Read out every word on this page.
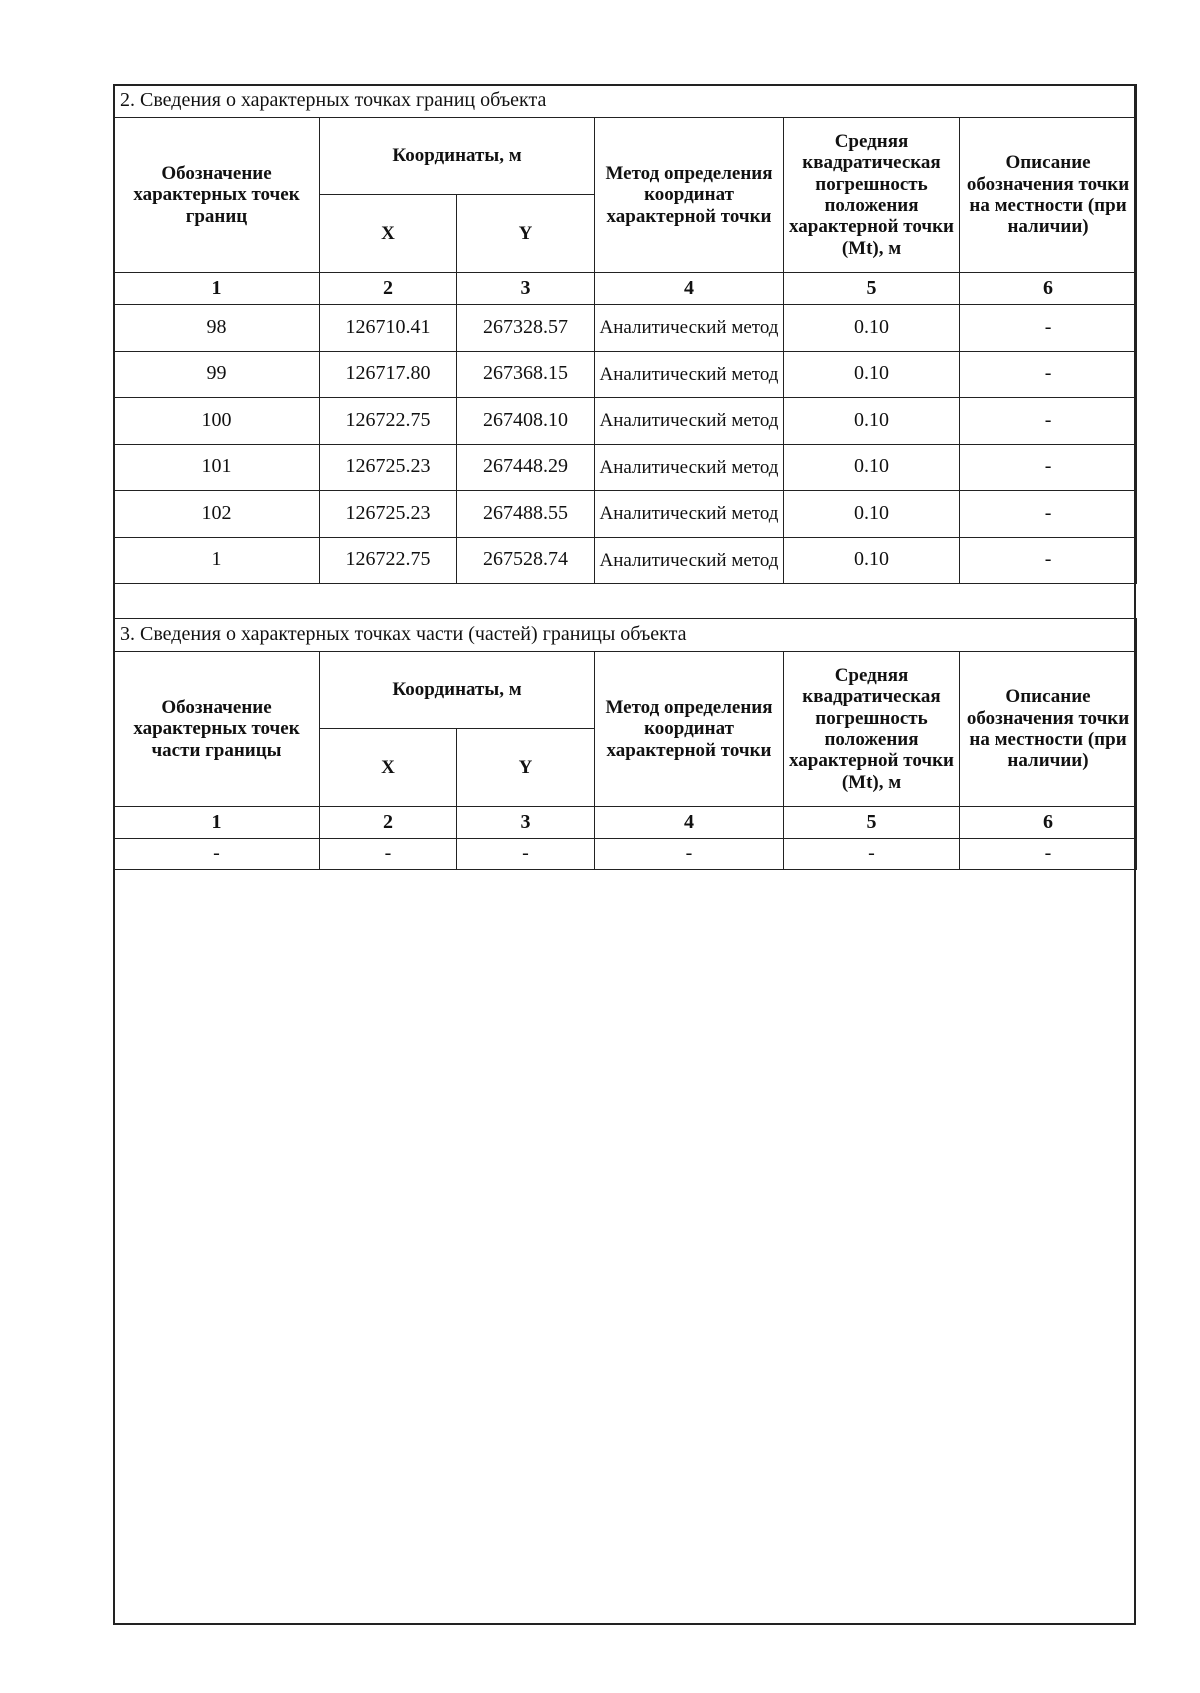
2. Сведения о характерных точках границ объекта					
Обозначение характерных точек границ	Координаты, м		Метод определения координат характерной точки	Средняя квадратическая погрешность положения характерной точки (Mt), м	Описание обозначения точки на местности (при наличии)
	X	Y			
1	2	3	4	5	6
98	126710.41	267328.57	Аналитический метод	0.10	-
99	126717.80	267368.15	Аналитический метод	0.10	-
100	126722.75	267408.10	Аналитический метод	0.10	-
101	126725.23	267448.29	Аналитический метод	0.10	-
102	126725.23	267488.55	Аналитический метод	0.10	-
1	126722.75	267528.74	Аналитический метод	0.10	-
3. Сведения о характерных точках части (частей) границы объекта					
Обозначение характерных точек части границы	Координаты, м		Метод определения координат характерной точки	Средняя квадратическая погрешность положения характерной точки (Mt), м	Описание обозначения точки на местности (при наличии)
	X	Y			
1	2	3	4	5	6
-	-	-	-	-	-
